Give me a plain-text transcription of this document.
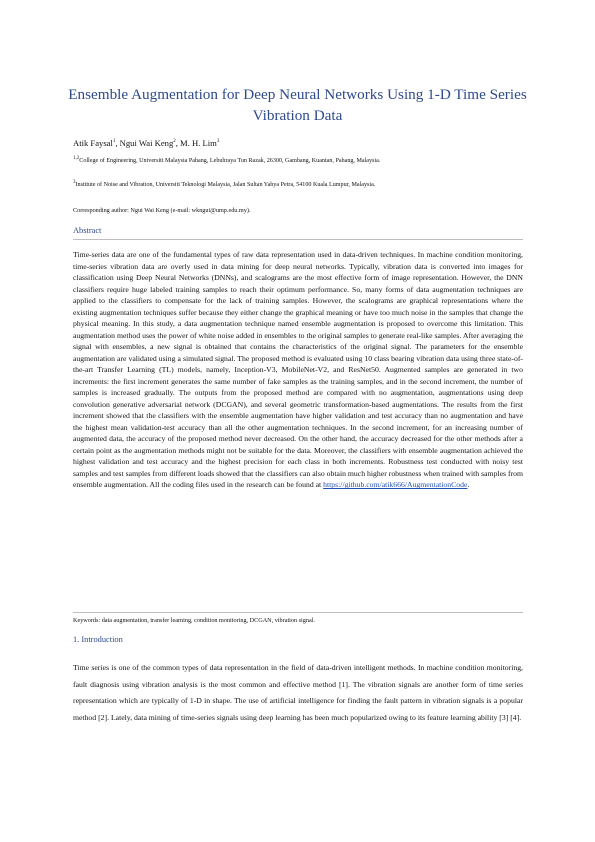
Ensemble Augmentation for Deep Neural Networks Using 1-D Time Series Vibration Data
Atik Faysal$^1$, Ngui Wai Keng$^2$, M. H. Lim$^3$
$^{1,2}$College of Engineering, Universiti Malaysia Pahang, Lebuhraya Tun Razak, 26300, Gambang, Kuantan, Pahang, Malaysia.
$^3$Institute of Noise and Vibration, Universiti Teknologi Malaysia, Jalan Sultan Yahya Petra, 54100 Kuala Lumpur, Malaysia.
Corresponding author: Ngui Wai Keng (e-mail: wkngui@ump.edu.my).
Abstract
Time-series data are one of the fundamental types of raw data representation used in data-driven techniques. In machine condition monitoring, time-series vibration data are overly used in data mining for deep neural networks. Typically, vibration data is converted into images for classification using Deep Neural Networks (DNNs), and scalograms are the most effective form of image representation. However, the DNN classifiers require huge labeled training samples to reach their optimum performance. So, many forms of data augmentation techniques are applied to the classifiers to compensate for the lack of training samples. However, the scalograms are graphical representations where the existing augmentation techniques suffer because they either change the graphical meaning or have too much noise in the samples that change the physical meaning. In this study, a data augmentation technique named ensemble augmentation is proposed to overcome this limitation. This augmentation method uses the power of white noise added in ensembles to the original samples to generate real-like samples. After averaging the signal with ensembles, a new signal is obtained that contains the characteristics of the original signal. The parameters for the ensemble augmentation are validated using a simulated signal. The proposed method is evaluated using 10 class bearing vibration data using three state-of-the-art Transfer Learning (TL) models, namely, Inception-V3, MobileNet-V2, and ResNet50. Augmented samples are generated in two increments: the first increment generates the same number of fake samples as the training samples, and in the second increment, the number of samples is increased gradually. The outputs from the proposed method are compared with no augmentation, augmentations using deep convolution generative adversarial network (DCGAN), and several geometric transformation-based augmentations. The results from the first increment showed that the classifiers with the ensemble augmentation have higher validation and test accuracy than no augmentation and have the highest mean validation-test accuracy than all the other augmentation techniques. In the second increment, for an increasing number of augmented data, the accuracy of the proposed method never decreased. On the other hand, the accuracy decreased for the other methods after a certain point as the augmentation methods might not be suitable for the data. Moreover, the classifiers with ensemble augmentation achieved the highest validation and test accuracy and the highest precision for each class in both increments. Robustness test conducted with noisy test samples and test samples from different loads showed that the classifiers can also obtain much higher robustness when trained with samples from ensemble augmentation. All the coding files used in the research can be found at https://github.com/atik666/AugmentationCode.
Keywords: data augmentation, transfer learning, condition monitoring, DCGAN, vibration signal.
1. Introduction
Time series is one of the common types of data representation in the field of data-driven intelligent methods. In machine condition monitoring, fault diagnosis using vibration analysis is the most common and effective method [1]. The vibration signals are another form of time series representation which are typically of 1-D in shape. The use of artificial intelligence for finding the fault pattern in vibration signals is a popular method [2]. Lately, data mining of time-series signals using deep learning has been much popularized owing to its feature learning ability [3] [4].
